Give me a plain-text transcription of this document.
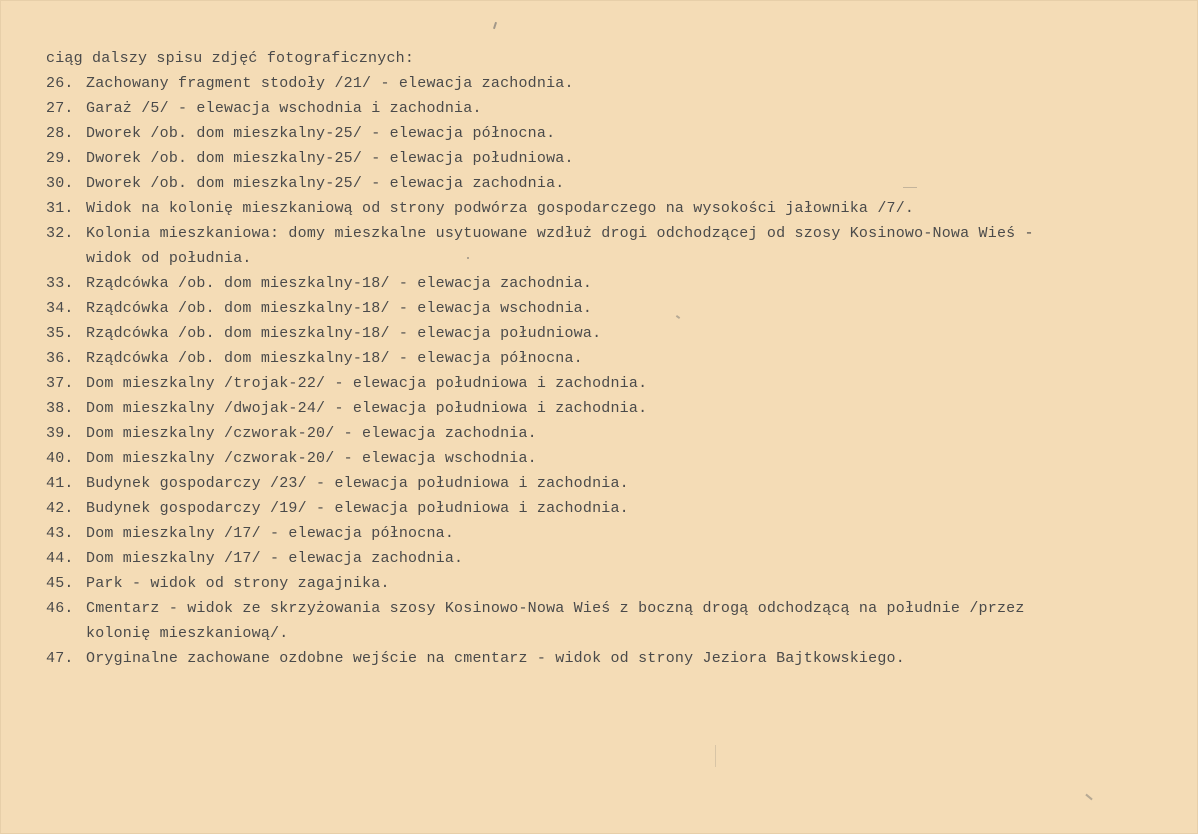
ciąg dalszy spisu zdjęć fotograficznych:
26. Zachowany fragment stodoły /21/ - elewacja zachodnia.
27. Garaż /5/ - elewacja wschodnia i zachodnia.
28. Dworek /ob. dom mieszkalny-25/ - elewacja północna.
29. Dworek /ob. dom mieszkalny-25/ - elewacja południowa.
30. Dworek /ob. dom mieszkalny-25/ - elewacja zachodnia.
31. Widok na kolonię mieszkaniową od strony podwórza gospodarczego na wysokości jałownika /7/.
32. Kolonia mieszkaniowa: domy mieszkalne usytuowane wzdłuż drogi odchodzącej od szosy Kosinowo-Nowa Wieś -
widok od południa.
33. Rządcówka /ob. dom mieszkalny-18/ - elewacja zachodnia.
34. Rządcówka /ob. dom mieszkalny-18/ - elewacja wschodnia.
35. Rządcówka /ob. dom mieszkalny-18/ - elewacja południowa.
36. Rządcówka /ob. dom mieszkalny-18/ - elewacja północna.
37. Dom mieszkalny /trojak-22/ - elewacja południowa i zachodnia.
38. Dom mieszkalny /dwojak-24/ - elewacja południowa i zachodnia.
39. Dom mieszkalny /czworak-20/ - elewacja zachodnia.
40. Dom mieszkalny /czworak-20/ - elewacja wschodnia.
41. Budynek gospodarczy /23/ - elewacja południowa i zachodnia.
42. Budynek gospodarczy /19/ - elewacja południowa i zachodnia.
43. Dom mieszkalny /17/ - elewacja północna.
44. Dom mieszkalny /17/ - elewacja zachodnia.
45. Park - widok od strony zagajnika.
46. Cmentarz - widok ze skrzyżowania szosy Kosinowo-Nowa Wieś z boczną drogą odchodzącą na południe /przez
kolonię mieszkaniową/.
47. Oryginalne zachowane ozdobne wejście na cmentarz - widok od strony Jeziora Bajtkowskiego.
